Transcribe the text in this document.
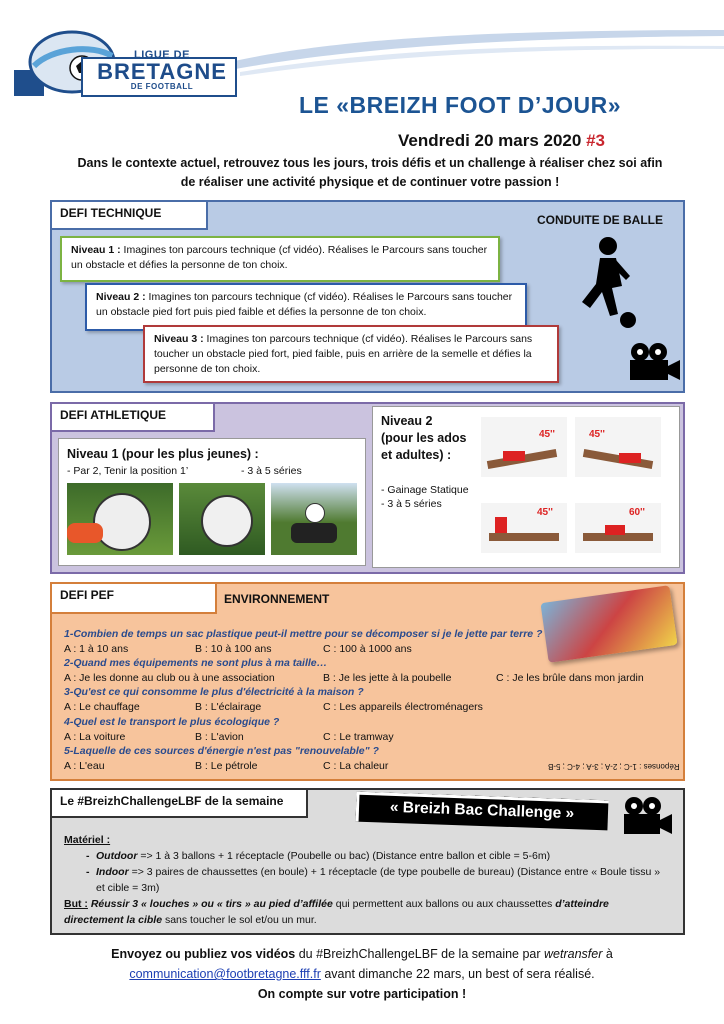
LIGUE DE
BRETAGNE
DE FOOTBALL
LE «BREIZH FOOT D’JOUR»
Vendredi 20 mars 2020 #3
Dans le contexte actuel, retrouvez tous les jours, trois défis et un challenge à réaliser chez soi afin de réaliser une activité physique et de continuer votre passion !
DEFI TECHNIQUE	CONDUITE DE BALLE
Niveau 1 : Imagines ton parcours technique (cf vidéo). Réalises le Parcours sans toucher un obstacle et défies la personne de ton choix.
Niveau 2 : Imagines ton parcours technique (cf vidéo). Réalises le Parcours sans toucher un obstacle pied fort puis pied faible et défies la personne de ton choix.
Niveau 3 : Imagines ton parcours technique (cf vidéo). Réalises le Parcours sans toucher un obstacle pied fort, pied faible, puis en arrière de la semelle et défies la personne de ton choix.
DEFI ATHLETIQUE
Niveau 1 (pour les plus jeunes) :
- Par 2, Tenir la position 1’	- 3 à 5 séries
Niveau 2
(pour les ados
et adultes) :
- Gainage Statique
- 3 à 5 séries
45''	45''
45''	60''
DEFI PEF	ENVIRONNEMENT
1-Combien de temps un sac plastique peut-il mettre pour se décomposer si je le jette par terre ?
A : 1 à 10 ans	B : 10 à 100 ans	C : 100 à 1000 ans
2-Quand mes équipements ne sont plus à ma taille…
A : Je les donne au club ou à une association	B : Je les jette à la poubelle	C : Je les brûle dans mon jardin
3-Qu'est ce qui consomme le plus d'électricité à la maison ?
A : Le chauffage	B : L'éclairage	C : Les appareils électroménagers
4-Quel est le transport le plus écologique ?
A : La voiture	B : L'avion	C : Le tramway
5-Laquelle de ces sources d'énergie n'est pas "renouvelable" ?
A : L'eau	B : Le pétrole	C : La chaleur	Réponses : 1-C ; 2-A ; 3-A ; 4-C ; 5-B
Le #BreizhChallengeLBF de la semaine	« Breizh Bac Challenge »
Matériel :
- Outdoor => 1 à 3 ballons + 1 réceptacle (Poubelle ou bac) (Distance entre ballon et cible = 5-6m)
- Indoor => 3 paires de chaussettes (en boule) + 1 réceptacle (de type poubelle de bureau) (Distance entre « Boule tissu » et cible = 3m)
But : Réussir 3 « louches » ou « tirs » au pied d’affilée qui permettent aux ballons ou aux chaussettes d’atteindre directement la cible sans toucher le sol et/ou un mur.
Envoyez ou publiez vos vidéos du #BreizhChallengeLBF de la semaine par wetransfer à
communication@footbretagne.fff.fr avant dimanche 22 mars, un best of sera réalisé.
On compte sur votre participation !
